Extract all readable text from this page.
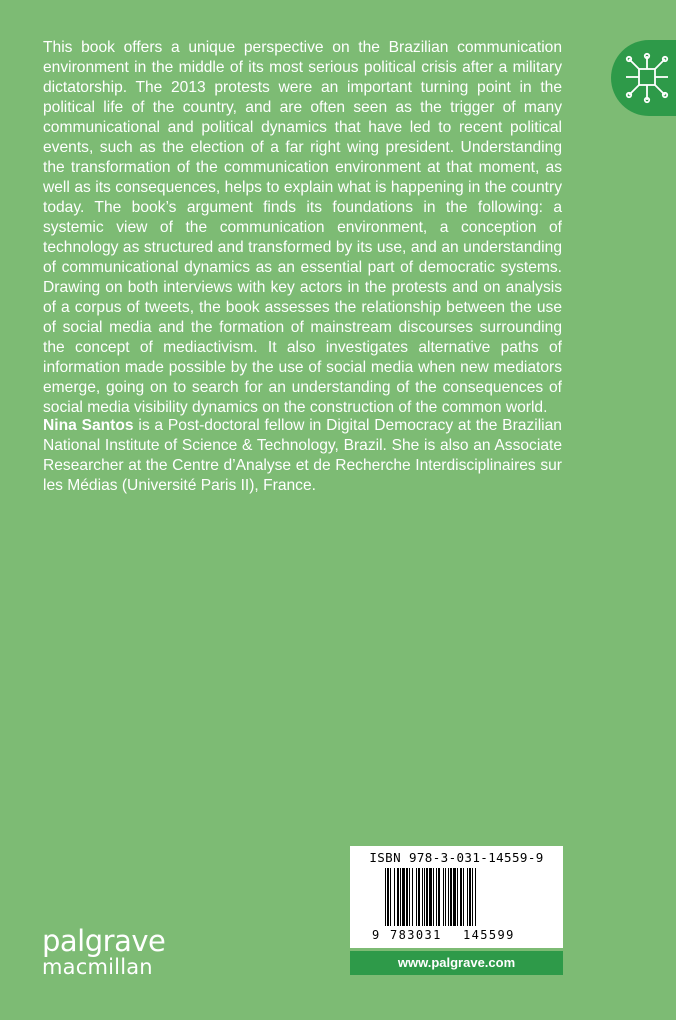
This book offers a unique perspective on the Brazilian communication environment in the middle of its most serious political crisis after a military dictatorship. The 2013 protests were an important turning point in the political life of the country, and are often seen as the trigger of many communicational and political dynamics that have led to recent political events, such as the election of a far right wing president. Understanding the transformation of the communication environment at that moment, as well as its consequences, helps to explain what is happening in the country today. The book’s argument finds its foundations in the following: a systemic view of the communication environment, a conception of technology as structured and transformed by its use, and an understanding of communicational dynamics as an essential part of democratic systems. Drawing on both interviews with key actors in the protests and on analysis of a corpus of tweets, the book assesses the relationship between the use of social media and the formation of mainstream discourses surrounding the concept of mediactivism. It also investigates alternative paths of information made possible by the use of social media when new mediators emerge, going on to search for an understanding of the consequences of social media visibility dynamics on the construction of the common world.

Nina Santos is a Post-doctoral fellow in Digital Democracy at the Brazilian National Institute of Science & Technology, Brazil. She is also an Associate Researcher at the Centre d’Analyse et de Recherche Interdisciplinaires sur les Médias (Université Paris II), France.

ISBN 978-3-031-14559-9
9 783031 145599
www.palgrave.com
palgrave
macmillan
